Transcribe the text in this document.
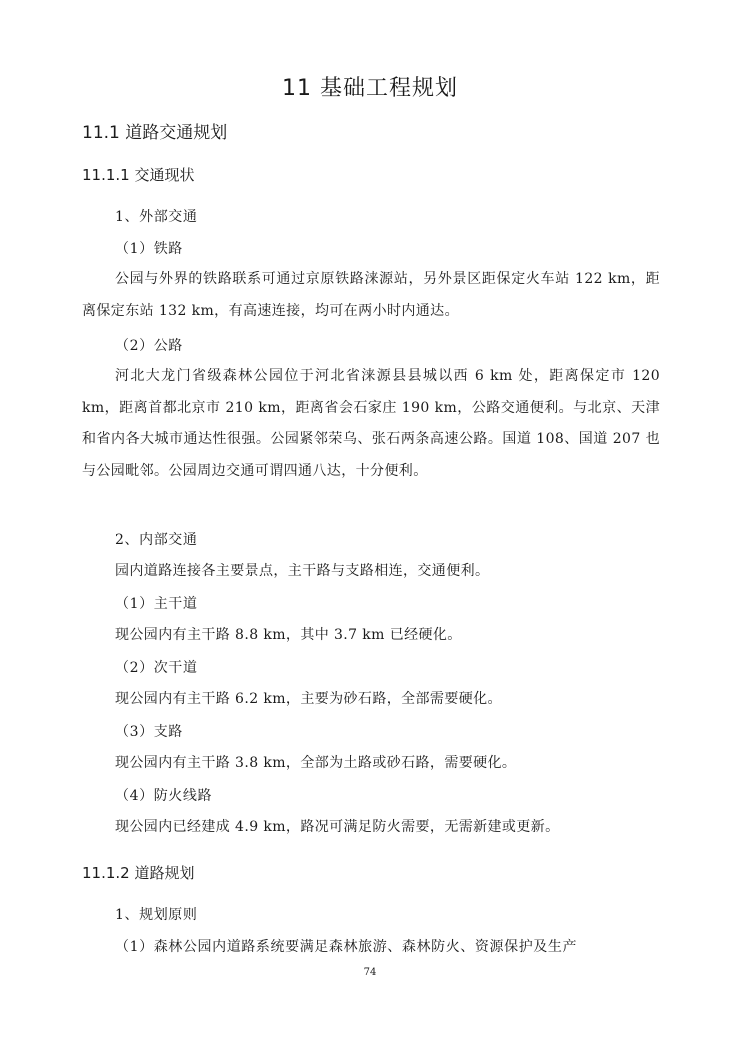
11 基础工程规划
11.1 道路交通规划
11.1.1 交通现状
1、外部交通
（1）铁路
公园与外界的铁路联系可通过京原铁路涞源站，另外景区距保定火车站 122 km，距离保定东站 132 km，有高速连接，均可在两小时内通达。
（2）公路
河北大龙门省级森林公园位于河北省涞源县县城以西 6 km 处，距离保定市 120 km，距离首都北京市 210 km，距离省会石家庄 190 km，公路交通便利。与北京、天津和省内各大城市通达性很强。公园紧邻荣乌、张石两条高速公路。国道 108、国道 207 也与公园毗邻。公园周边交通可谓四通八达，十分便利。
2、内部交通
园内道路连接各主要景点，主干路与支路相连，交通便利。
（1）主干道
现公园内有主干路 8.8 km，其中 3.7 km 已经硬化。
（2）次干道
现公园内有主干路 6.2 km，主要为砂石路，全部需要硬化。
（3）支路
现公园内有主干路 3.8 km，全部为土路或砂石路，需要硬化。
（4）防火线路
现公园内已经建成 4.9 km，路况可满足防火需要，无需新建或更新。
11.1.2 道路规划
1、规划原则
（1）森林公园内道路系统要满足森林旅游、森林防火、资源保护及生产
74
